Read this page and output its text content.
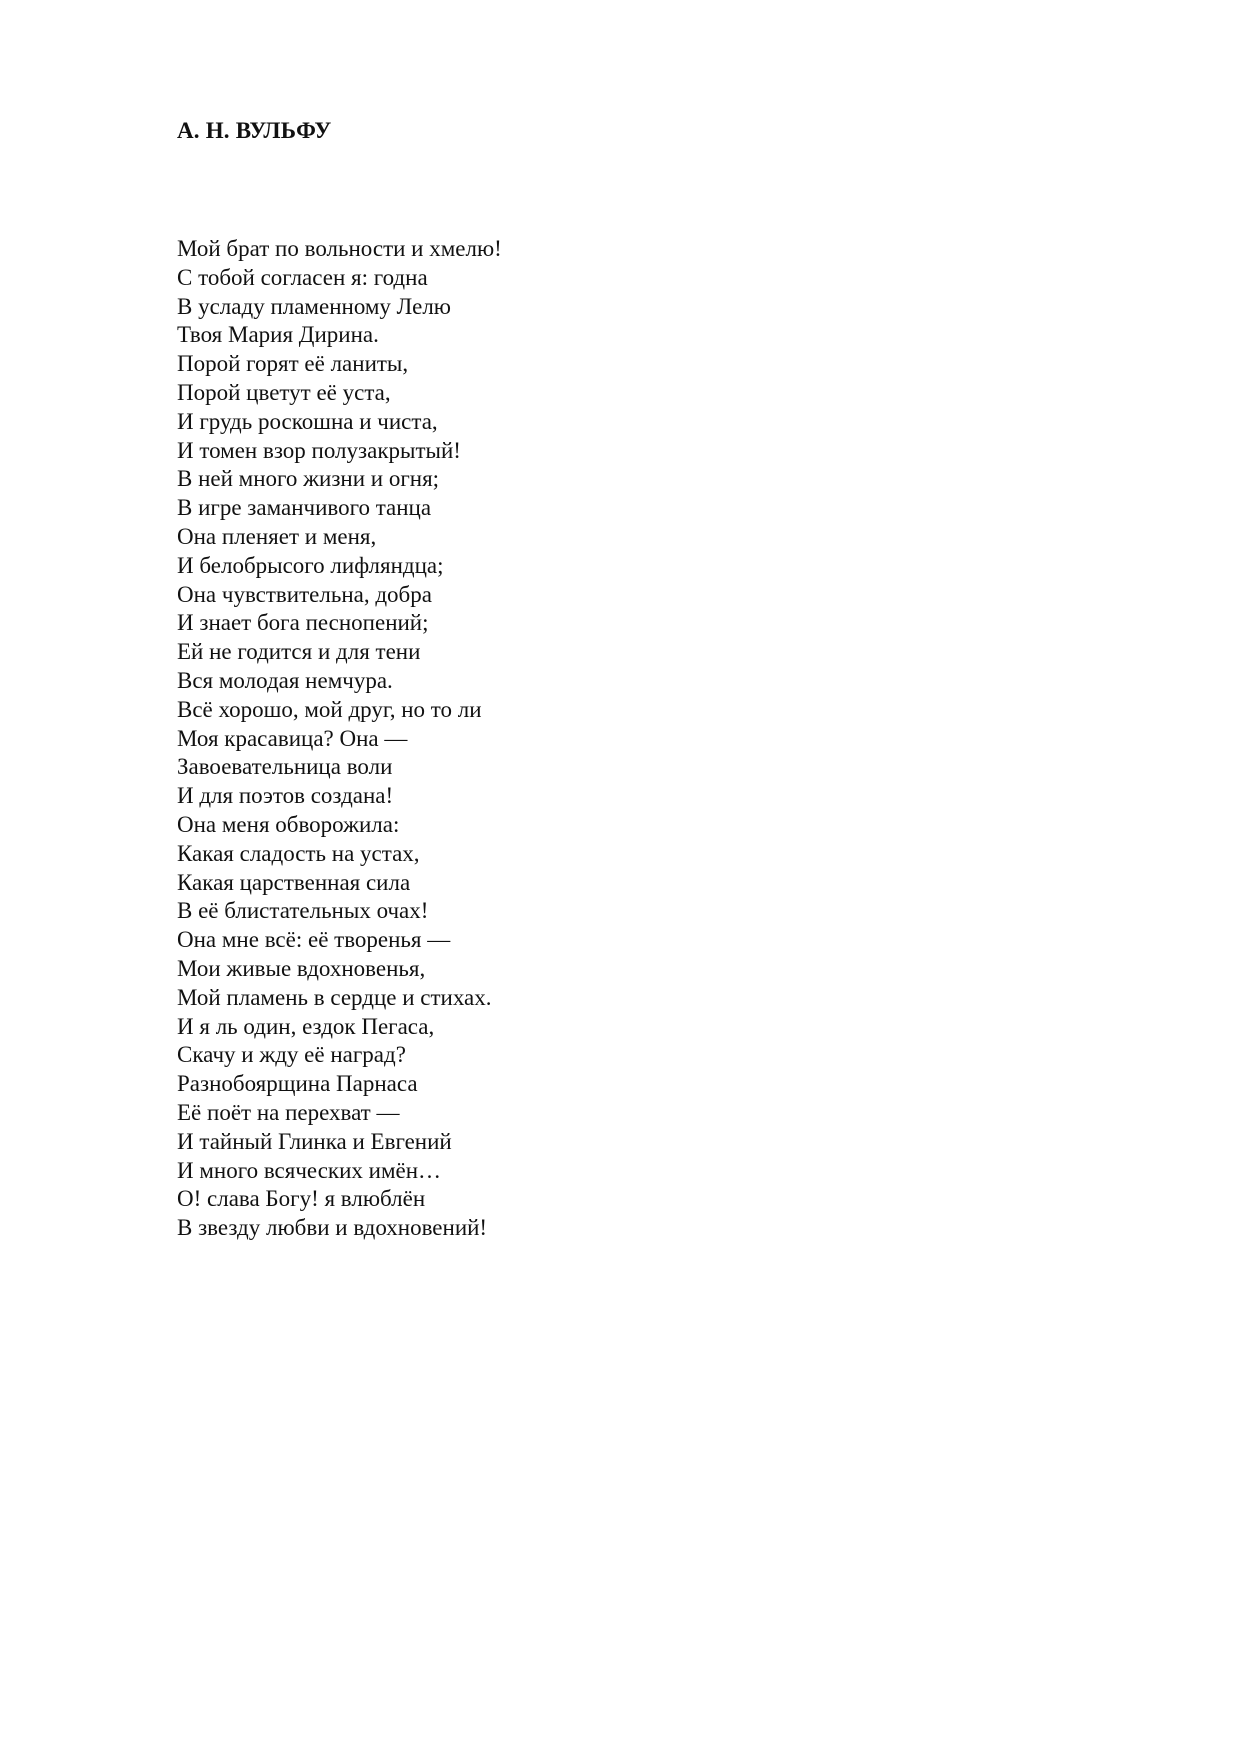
А. Н. ВУЛЬФУ
Мой брат по вольности и хмелю!
С тобой согласен я: годна
В усладу пламенному Лелю
Твоя Мария Дирина.
Порой горят её ланиты,
Порой цветут её уста,
И грудь роскошна и чиста,
И томен взор полузакрытый!
В ней много жизни и огня;
В игре заманчивого танца
Она пленяет и меня,
И белобрысого лифляндца;
Она чувствительна, добра
И знает бога песнопений;
Ей не годится и для тени
Вся молодая немчура.
Всё хорошо, мой друг, но то ли
Моя красавица? Она —
Завоевательница воли
И для поэтов создана!
Она меня обворожила:
Какая сладость на устах,
Какая царственная сила
В её блистательных очах!
Она мне всё: её творенья —
Мои живые вдохновенья,
Мой пламень в сердце и стихах.
И я ль один, ездок Пегаса,
Скачу и жду её наград?
Разнобоярщина Парнаса
Её поёт на перехват —
И тайный Глинка и Евгений
И много всяческих имён…
О! слава Богу! я влюблён
В звезду любви и вдохновений!
